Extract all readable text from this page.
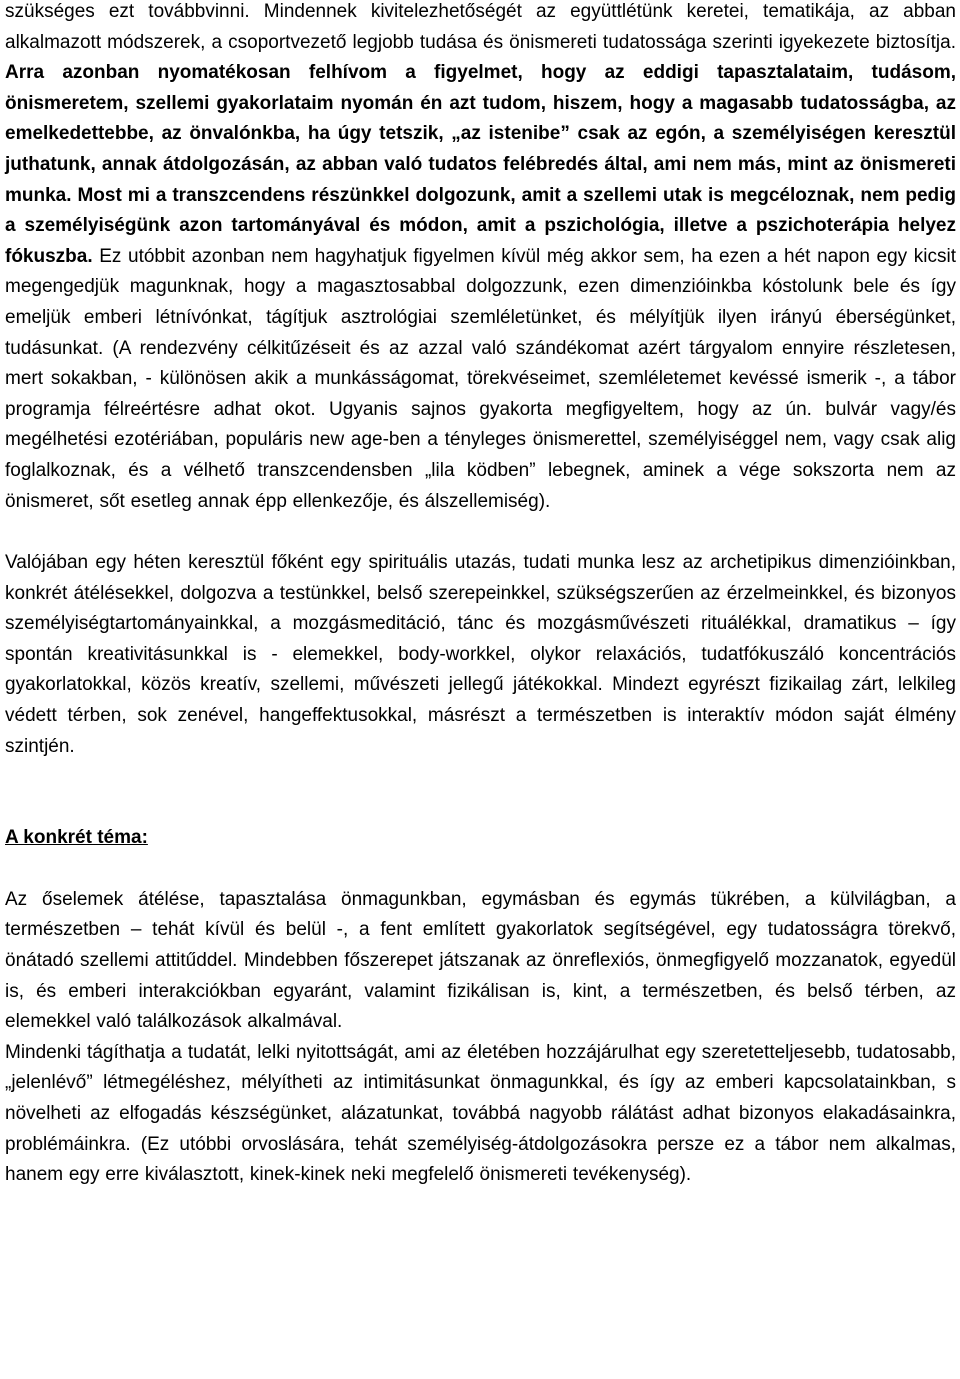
szükséges ezt továbbvinni. Mindennek kivitelezhetőségét az együttlétünk keretei, tematikája, az abban alkalmazott módszerek, a csoportvezető legjobb tudása és önismereti tudatossága szerinti igyekezete biztosítja. Arra azonban nyomatékosan felhívom a figyelmet, hogy az eddigi tapasztalataim, tudásom, önismeretem, szellemi gyakorlataim nyomán én azt tudom, hiszem, hogy a magasabb tudatosságba, az emelkedettebbe, az önvalónkba, ha úgy tetszik, „az istenibe” csak az egón, a személyiségen keresztül juthatunk, annak átdolgozásán, az abban való tudatos felébredés által, ami nem más, mint az önismereti munka. Most mi a transzcendens részünkkel dolgozunk, amit a szellemi utak is megcéloznak, nem pedig a személyiségünk azon tartományával és módon, amit a pszichológia, illetve a pszichoterápia helyez fókuszba. Ez utóbbit azonban nem hagyhatjuk figyelmen kívül még akkor sem, ha ezen a hét napon egy kicsit megengedjük magunknak, hogy a magasztosabbal dolgozzunk, ezen dimenzióinkba kóstolunk bele és így emeljük emberi létnívónkat, tágítjuk asztrológiai szemléletünket, és mélyítjük ilyen irányú éberségünket, tudásunkat. (A rendezvény célkitűzéseit és az azzal való szándékomat azért tárgyalom ennyire részletesen, mert sokakban, - különösen akik a munkásságomat, törekvéseimet, szemléletemet kevéssé ismerik -, a tábor programja félreértésre adhat okot. Ugyanis sajnos gyakorta megfigyeltem, hogy az ún. bulvár vagy/és megélhetési ezotériában, populáris new age-ben a tényleges önismerettel, személyiséggel nem, vagy csak alig foglalkoznak, és a vélhető transzcendensben „lila ködben” lebegnek, aminek a vége sokszorta nem az önismeret, sőt esetleg annak épp ellenkezője, és álszellemiség).

Valójában egy héten keresztül főként egy spirituális utazás, tudati munka lesz az archetipikus dimenzióinkban, konkrét átélésekkel, dolgozva a testünkkel, belső szerepeinkkel, szükségszerűen az érzelmeinkkel, és bizonyos személyiségtartományainkkal, a mozgásmeditáció, tánc és mozgásművészeti rituálékkal, dramatikus – így spontán kreativitásunkkal is - elemekkel, body-workkel, olykor relaxációs, tudatfókuszáló koncentrációs gyakorlatokkal, közös kreatív, szellemi, művészeti jellegű játékokkal. Mindezt egyrészt fizikailag zárt, lelkileg védett térben, sok zenével, hangeffektusokkal, másrészt a természetben is interaktív módon saját élmény szintjén.

A konkrét téma:

Az őselemek átélése, tapasztalása önmagunkban, egymásban és egymás tükrében, a külvilágban, a természetben – tehát kívül és belül -, a fent említett gyakorlatok segítségével, egy tudatosságra törekvő, önátadó szellemi attitűddel. Mindebben főszerepet játszanak az önreflexiós, önmegfigyelő mozzanatok, egyedül is, és emberi interakciókban egyaránt, valamint fizikálisan is, kint, a természetben, és belső térben, az elemekkel való találkozások alkalmával.

Mindenki tágíthatja a tudatát, lelki nyitottságát, ami az életében hozzájárulhat egy szeretetteljesebb, tudatosabb, „jelenlévő” létmegéléshez, mélyítheti az intimitásunkat önmagunkkal, és így az emberi kapcsolatainkban, s növelheti az elfogadás készségünket, alázatunkat, továbbá nagyobb rálátást adhat bizonyos elakadásainkra, problémáinkra. (Ez utóbbi orvoslására, tehát személyiség-átdolgozásokra persze ez a tábor nem alkalmas, hanem egy erre kiválasztott, kinek-kinek neki megfelelő önismereti tevékenység).
